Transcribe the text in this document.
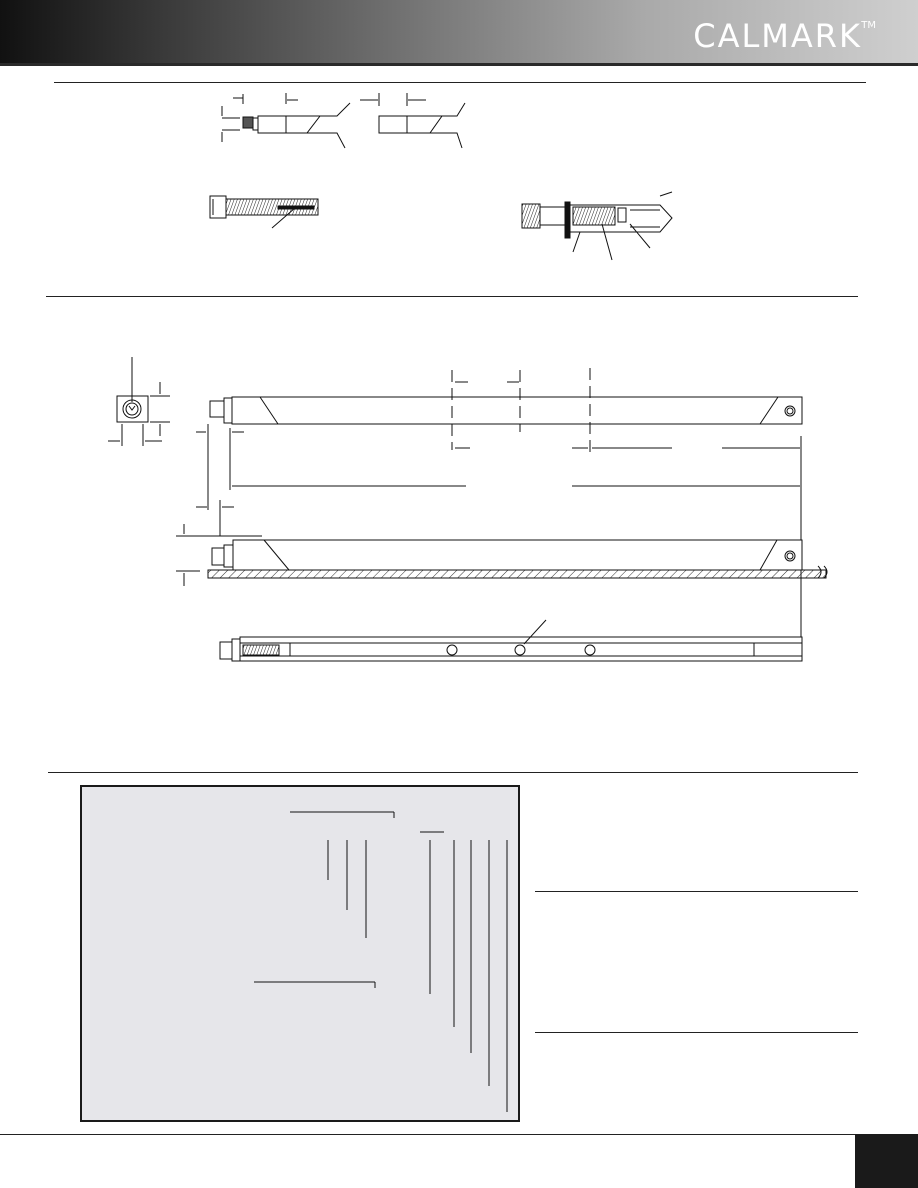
CALMARK TM
